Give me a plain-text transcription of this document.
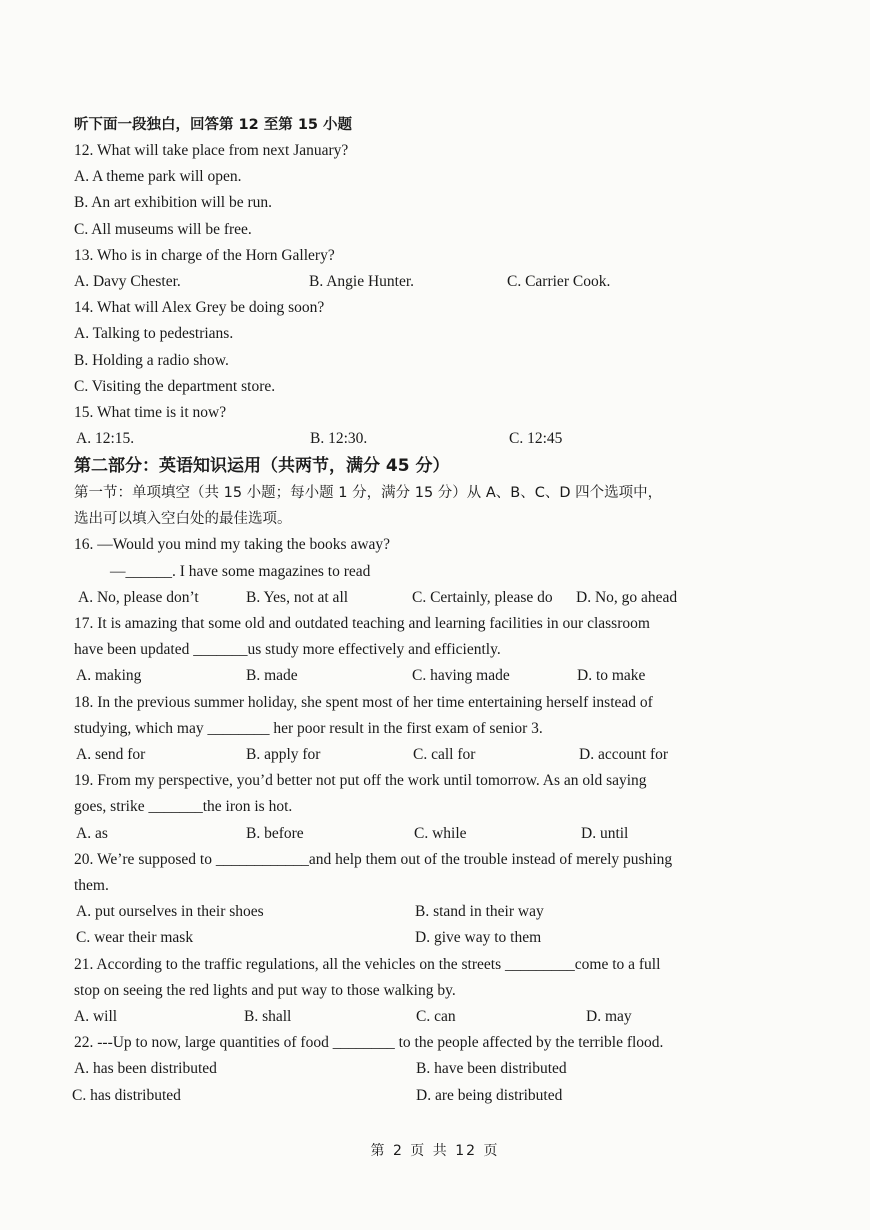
听下面一段独白，回答第 12 至第 15 小题
12. What will take place from next January?
A. A theme park will open.
B. An art exhibition will be run.
C. All museums will be free.
13. Who is in charge of the Horn Gallery?
A. Davy Chester.	B. Angie Hunter.	C. Carrier Cook.
14. What will Alex Grey be doing soon?
A. Talking to pedestrians.
B. Holding a radio show.
C. Visiting the department store.
15. What time is it now?
A. 12:15.	B. 12:30.	C. 12:45
第二部分：英语知识运用（共两节，满分 45 分）
第一节：单项填空（共 15 小题；每小题 1 分，满分 15 分）从 A、B、C、D 四个选项中，
选出可以填入空白处的最佳选项。
16. —Would you mind my taking the books away?
—______. I have some magazines to read
A. No, please don’t	B. Yes, not at all	C. Certainly, please do D. No, go ahead
17. It is amazing that some old and outdated teaching and learning facilities in our classroom
have been updated _______us study more effectively and efficiently.
A. making	B. made	C. having made	D. to make
18. In the previous summer holiday, she spent most of her time entertaining herself instead of
studying, which may ________ her poor result in the first exam of senior 3.
A. send for	B. apply for	C. call for	D. account for
19. From my perspective, you’d better not put off the work until tomorrow. As an old saying
goes, strike _______the iron is hot.
A. as	B. before	C. while	D. until
20. We’re supposed to ____________and help them out of the trouble instead of merely pushing
them.
A. put ourselves in their shoes	B. stand in their way
C. wear their mask	D. give way to them
21. According to the traffic regulations, all the vehicles on the streets _________come to a full
stop on seeing the red lights and put way to those walking by.
A. will	B. shall	C. can	D. may
22. ---Up to now, large quantities of food ________ to the people affected by the terrible flood.
A. has been distributed	B. have been distributed
C. has distributed	D. are being distributed
第 2 页 共 12 页
